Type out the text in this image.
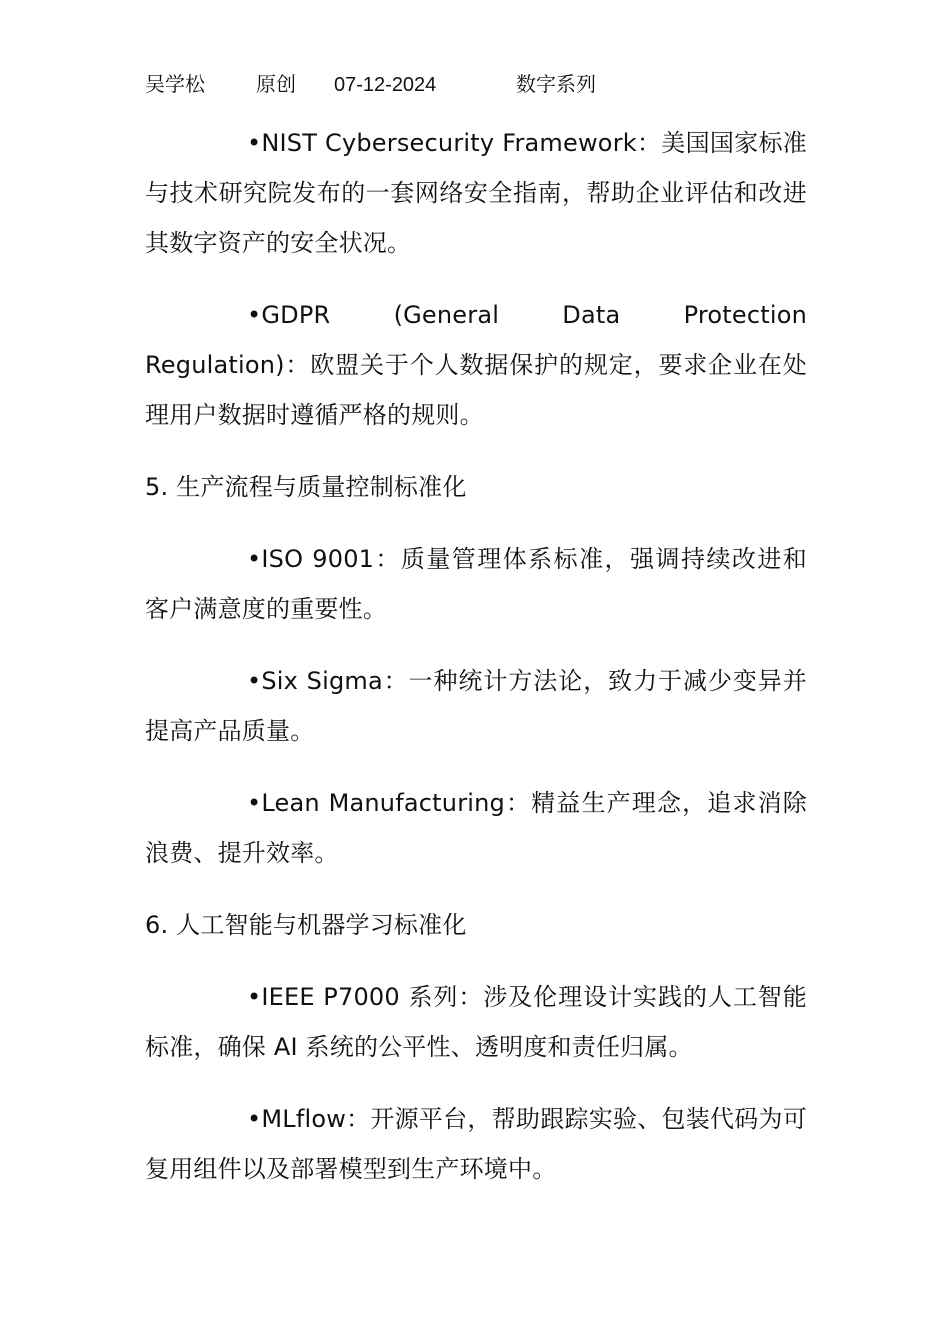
吴学松	原创 07-12-2024	数字系列

•NIST Cybersecurity Framework：美国国家标准与技术研究院发布的一套网络安全指南，帮助企业评估和改进其数字资产的安全状况。

•GDPR (General Data Protection Regulation)：欧盟关于个人数据保护的规定，要求企业在处理用户数据时遵循严格的规则。

5. 生产流程与质量控制标准化

•ISO 9001：质量管理体系标准，强调持续改进和客户满意度的重要性。

•Six Sigma：一种统计方法论，致力于减少变异并提高产品质量。

•Lean Manufacturing：精益生产理念，追求消除浪费、提升效率。

6. 人工智能与机器学习标准化

•IEEE P7000 系列：涉及伦理设计实践的人工智能标准，确保 AI 系统的公平性、透明度和责任归属。

•MLflow：开源平台，帮助跟踪实验、包装代码为可复用组件以及部署模型到生产环境中。
